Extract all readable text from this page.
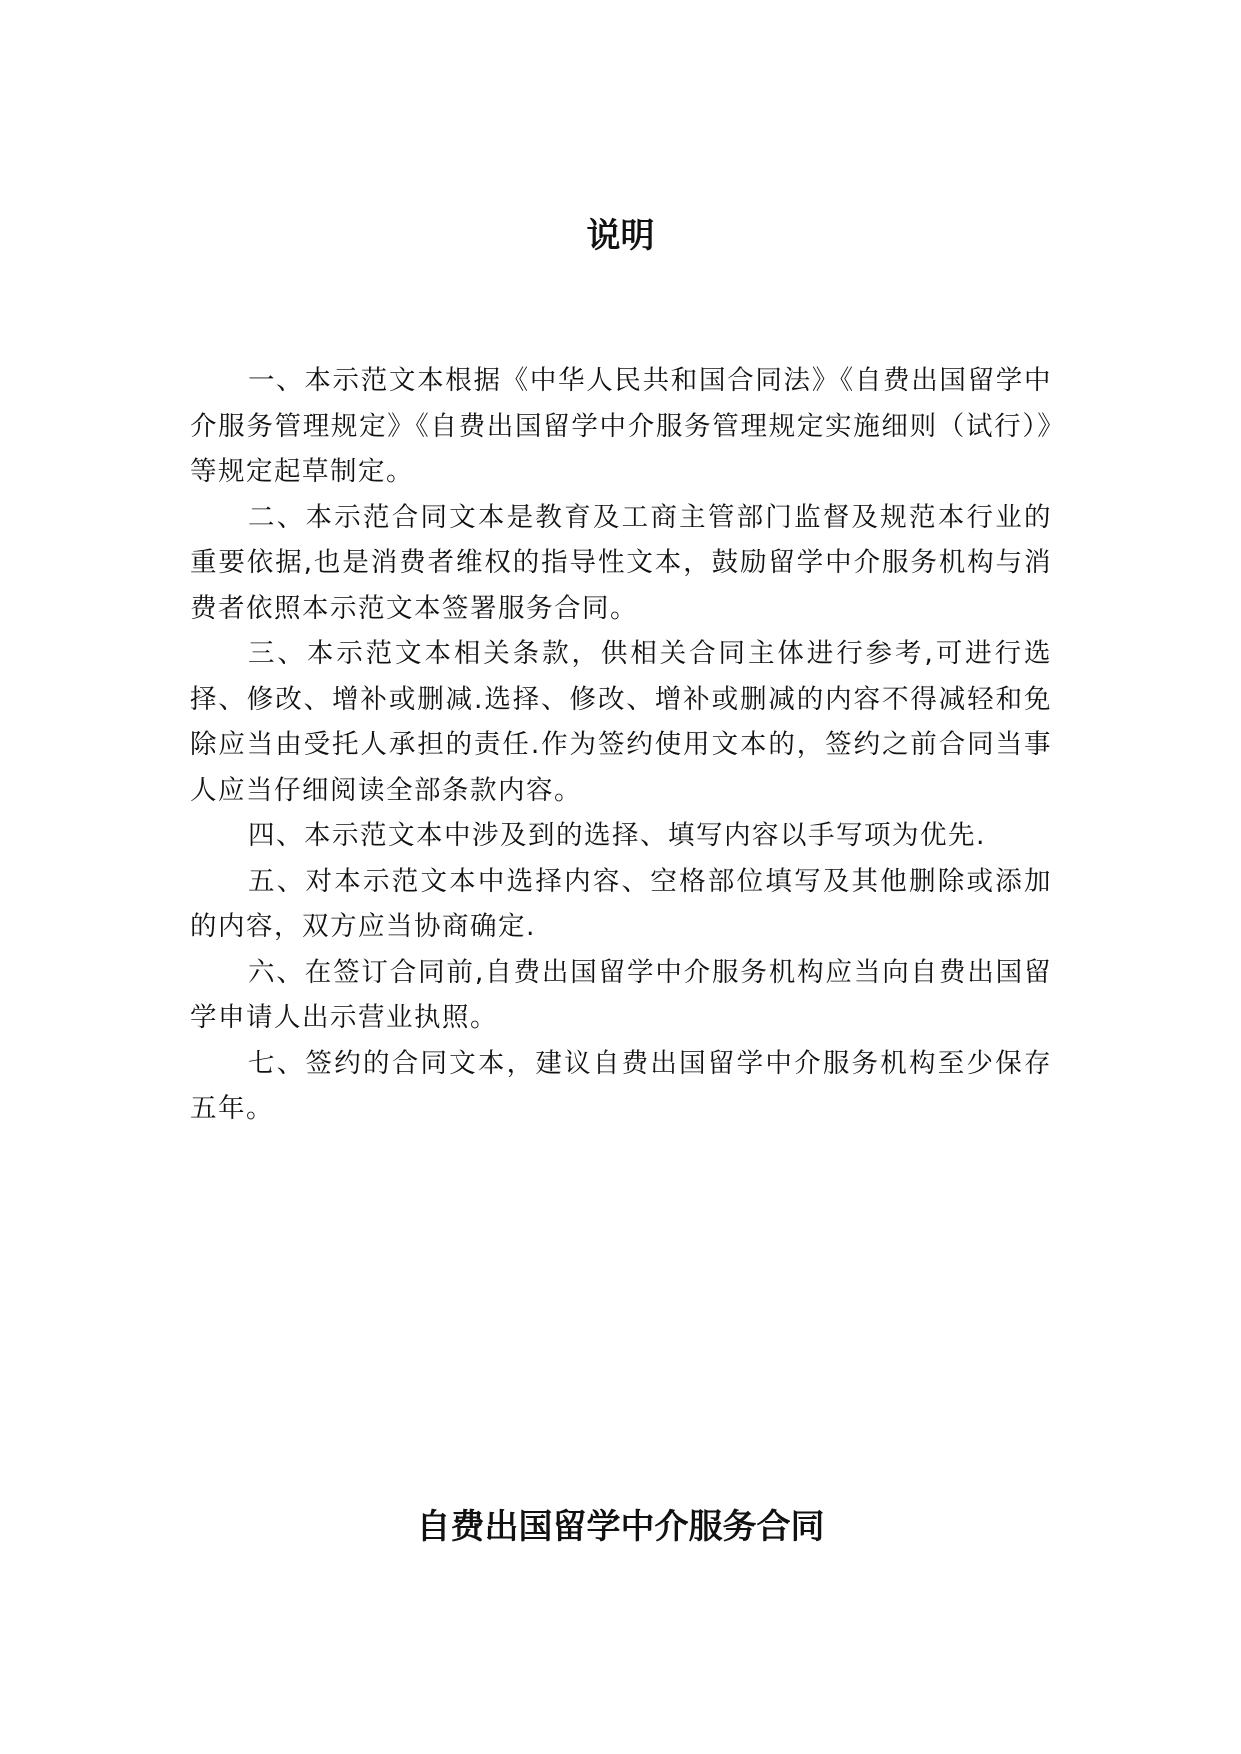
说明

一、本示范文本根据《中华人民共和国合同法》《自费出国留学中介服务管理规定》《自费出国留学中介服务管理规定实施细则（试行）》等规定起草制定。

二、本示范合同文本是教育及工商主管部门监督及规范本行业的重要依据,也是消费者维权的指导性文本，鼓励留学中介服务机构与消费者依照本示范文本签署服务合同。

三、本示范文本相关条款，供相关合同主体进行参考,可进行选择、修改、增补或删减.选择、修改、增补或删减的内容不得减轻和免除应当由受托人承担的责任.作为签约使用文本的，签约之前合同当事人应当仔细阅读全部条款内容。

四、本示范文本中涉及到的选择、填写内容以手写项为优先.

五、对本示范文本中选择内容、空格部位填写及其他删除或添加的内容，双方应当协商确定.

六、在签订合同前,自费出国留学中介服务机构应当向自费出国留学申请人出示营业执照。

七、签约的合同文本，建议自费出国留学中介服务机构至少保存五年。

自费出国留学中介服务合同
